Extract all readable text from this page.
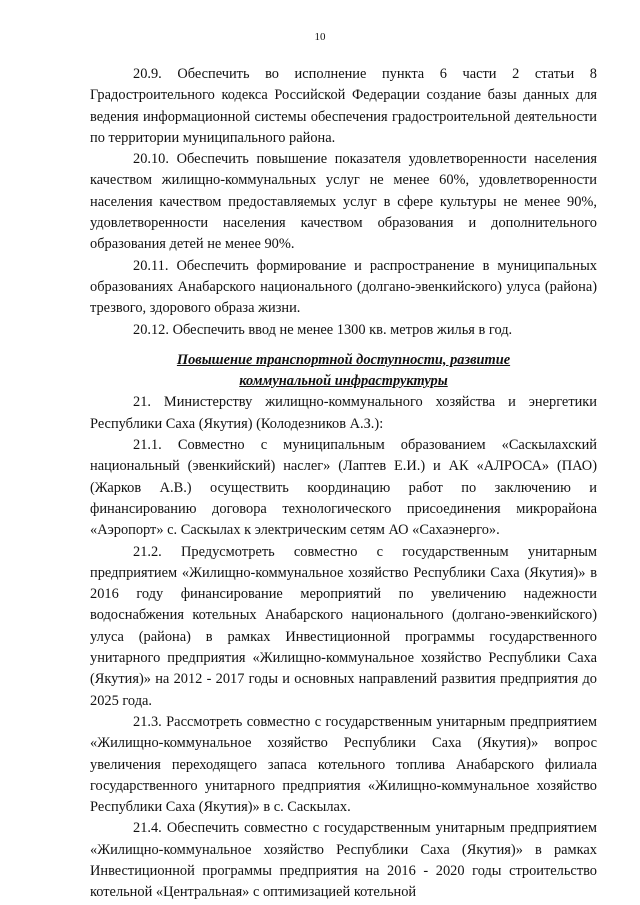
10

20.9. Обеспечить во исполнение пункта 6 части 2 статьи 8 Градостроительного кодекса Российской Федерации создание базы данных для ведения информационной системы обеспечения градостроительной деятельности по территории муниципального района.

20.10. Обеспечить повышение показателя удовлетворенности населения качеством жилищно-коммунальных услуг не менее 60%, удовлетворенности населения качеством предоставляемых услуг в сфере культуры не менее 90%, удовлетворенности населения качеством образования и дополнительного образования детей не менее 90%.

20.11. Обеспечить формирование и распространение в муниципальных образованиях Анабарского национального (долгано-эвенкийского) улуса (района) трезвого, здорового образа жизни.

20.12. Обеспечить ввод не менее 1300 кв. метров жилья в год.

Повышение транспортной доступности, развитие
коммунальной инфраструктуры

21. Министерству жилищно-коммунального хозяйства и энергетики Республики Саха (Якутия) (Колодезников А.З.):

21.1. Совместно с муниципальным образованием «Саскылахский национальный (эвенкийский) наслег» (Лаптев Е.И.) и АК «АЛРОСА» (ПАО) (Жарков А.В.) осуществить координацию работ по заключению и финансированию договора технологического присоединения микрорайона «Аэропорт» с. Саскылах к электрическим сетям АО «Сахаэнерго».

21.2. Предусмотреть совместно с государственным унитарным предприятием «Жилищно-коммунальное хозяйство Республики Саха (Якутия)» в 2016 году финансирование мероприятий по увеличению надежности водоснабжения котельных Анабарского национального (долгано-эвенкийского) улуса (района) в рамках Инвестиционной программы государственного унитарного предприятия «Жилищно-коммунальное хозяйство Республики Саха (Якутия)» на 2012 - 2017 годы и основных направлений развития предприятия до 2025 года.

21.3. Рассмотреть совместно с государственным унитарным предприятием «Жилищно-коммунальное хозяйство Республики Саха (Якутия)» вопрос увеличения переходящего запаса котельного топлива Анабарского филиала государственного унитарного предприятия «Жилищно-коммунальное хозяйство Республики Саха (Якутия)» в с. Саскылах.

21.4. Обеспечить совместно с государственным унитарным предприятием «Жилищно-коммунальное хозяйство Республики Саха (Якутия)» в рамках Инвестиционной программы предприятия на 2016 - 2020 годы строительство котельной «Центральная» с оптимизацией котельной
